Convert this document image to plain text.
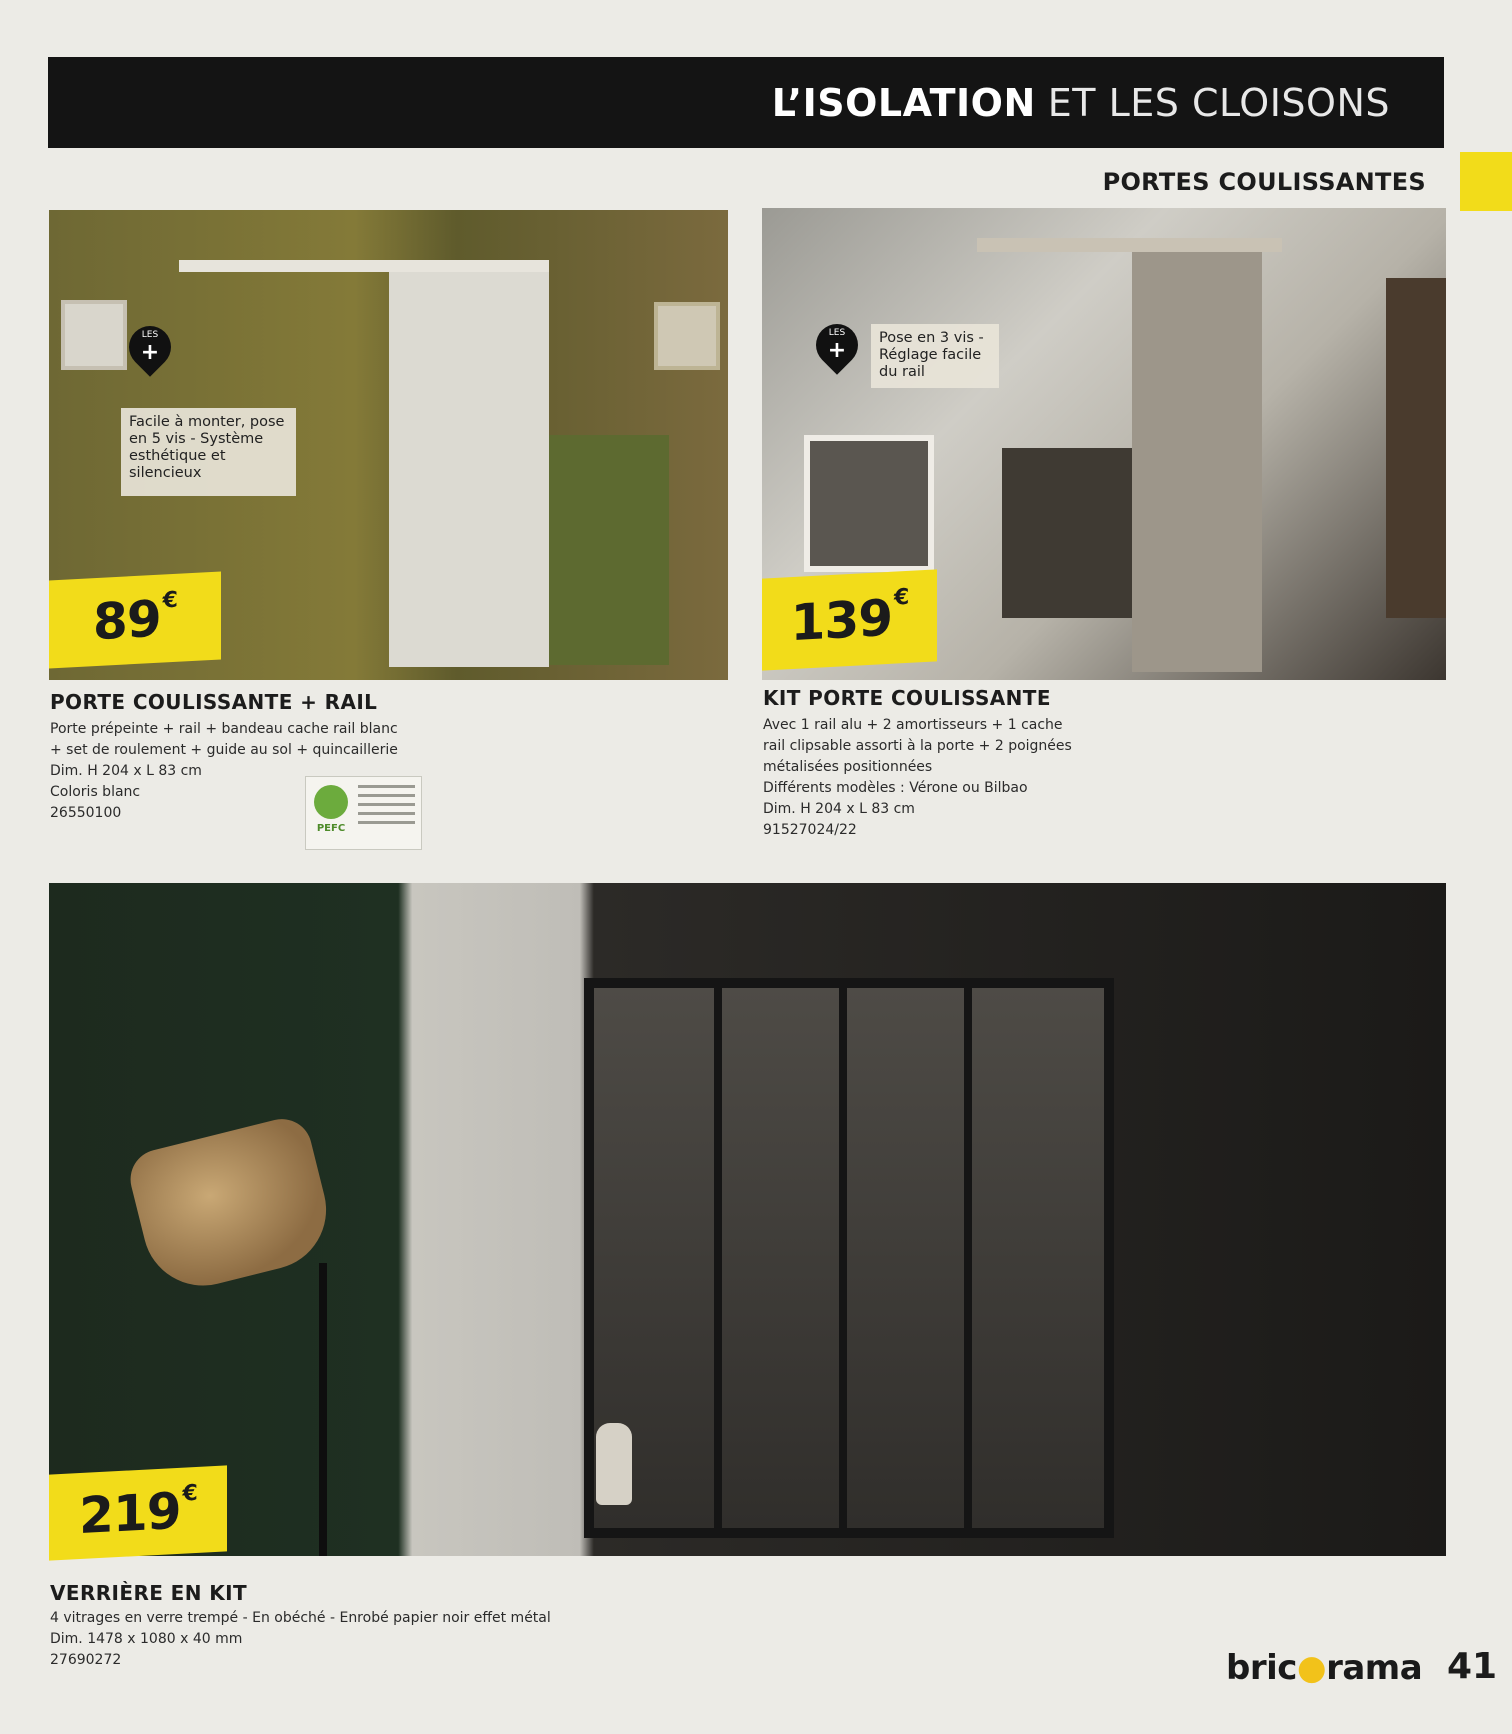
L’ISOLATION ET LES CLOISONS
PORTES COULISSANTES
LES
+
Facile à monter, pose en 5 vis - Système esthétique et silencieux
89€
LES
+	Pose en 3 vis - Réglage facile du rail
139€
PORTE COULISSANTE + RAIL
Porte prépeinte + rail + bandeau cache rail blanc
+ set de roulement + guide au sol + quincaillerie
Dim. H 204 x L 83 cm
Coloris blanc
26550100
PEFC
KIT PORTE COULISSANTE
Avec 1 rail alu + 2 amortisseurs + 1 cache
rail clipsable assorti à la porte + 2 poignées
métalisées positionnées
Différents modèles : Vérone ou Bilbao
Dim. H 204 x L 83 cm
91527024/22
219€
VERRIÈRE EN KIT
4 vitrages en verre trempé - En obéché - Enrobé papier noir effet métal
Dim. 1478 x 1080 x 40 mm
27690272	bric●rama 41
